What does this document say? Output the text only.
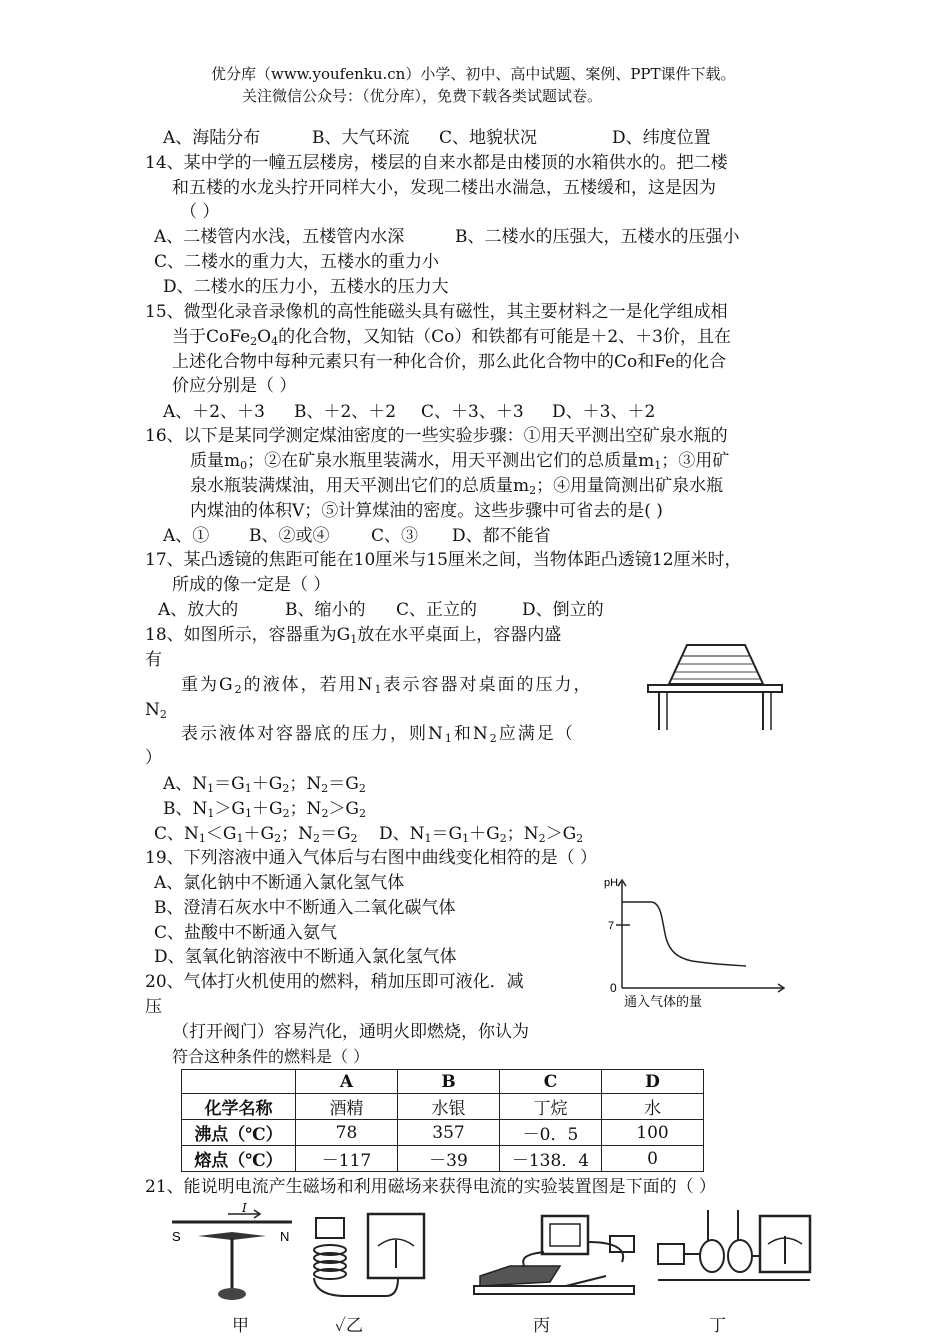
优分库（www.youfenku.cn）小学、初中、高中试题、案例、PPT课件下载。
关注微信公众号：（优分库），免费下载各类试题试卷。
A、海陆分布	B、大气环流 C、地貌状况	D、纬度位置
14、某中学的一幢五层楼房，楼层的自来水都是由楼顶的水箱供水的。把二楼
和五楼的水龙头拧开同样大小，发现二楼出水湍急，五楼缓和，这是因为
（ ）
A、二楼管内水浅，五楼管内水深	B、二楼水的压强大，五楼水的压强小
C、二楼水的重力大，五楼水的重力小
D、二楼水的压力小，五楼水的压力大
15、微型化录音录像机的高性能磁头具有磁性，其主要材料之一是化学组成相
当于$CoFe_2O_4$的化合物，又知钴（Co）和铁都有可能是＋2、＋3价，且在
上述化合物中每种元素只有一种化合价，那么此化合物中的Co和Fe的化合
价应分别是（ ）
A、＋2、＋3 B、＋2、＋2 C、＋3、＋3 D、＋3、＋2
16、以下是某同学测定煤油密度的一些实验步骤：①用天平测出空矿泉水瓶的
质量$m_0$；②在矿泉水瓶里装满水，用天平测出它们的总质量$m_1$；③用矿
泉水瓶装满煤油，用天平测出它们的总质量$m_2$；④用量筒测出矿泉水瓶
内煤油的体积V；⑤计算煤油的密度。这些步骤中可省去的是( )
A、① B、②或④ C、③ D、都不能省
17、某凸透镜的焦距可能在10厘米与15厘米之间，当物体距凸透镜12厘米时，
所成的像一定是（ ）
A、放大的	B、缩小的 C、正立的	D、倒立的
18、如图所示，容器重为$G_1$放在水平桌面上，容器内盛
有
重为$G_2$的液体，若用$N_1$表示容器对桌面的压力，
$N_2$
表示液体对容器底的压力，则$N_1$和$N_2$应满足（
）
A、$N_1=G_1+G_2$；$N_2=G_2$
B、$N_1>G_1+G_2$；$N_2>G_2$
C、$N_1<G_1+G_2$；$N_2=G_2$ D、$N_1=G_1+G_2$；$N_2>G_2$
19、下列溶液中通入气体后与右图中曲线变化相符的是（ ）
A、氯化钠中不断通入氯化氢气体
B、澄清石灰水中不断通入二氧化碳气体
C、盐酸中不断通入氨气
D、氢氧化钠溶液中不断通入氯化氢气体
pH
7
0
通入气体的量
20、气体打火机使用的燃料，稍加压即可液化．减
压
（打开阀门）容易汽化，通明火即燃烧，你认为
符合这种条件的燃料是（ ）
	A	B	C	D
化学名称	酒精	水银	丁烷	水
沸点（℃）	78	357	－0．5	100
熔点（℃）	－117	－39	－138．4	0
21、能说明电流产生磁场和利用磁场来获得电流的实验装置图是下面的（ ）
I
S	N
甲	✓乙	丙	丁
